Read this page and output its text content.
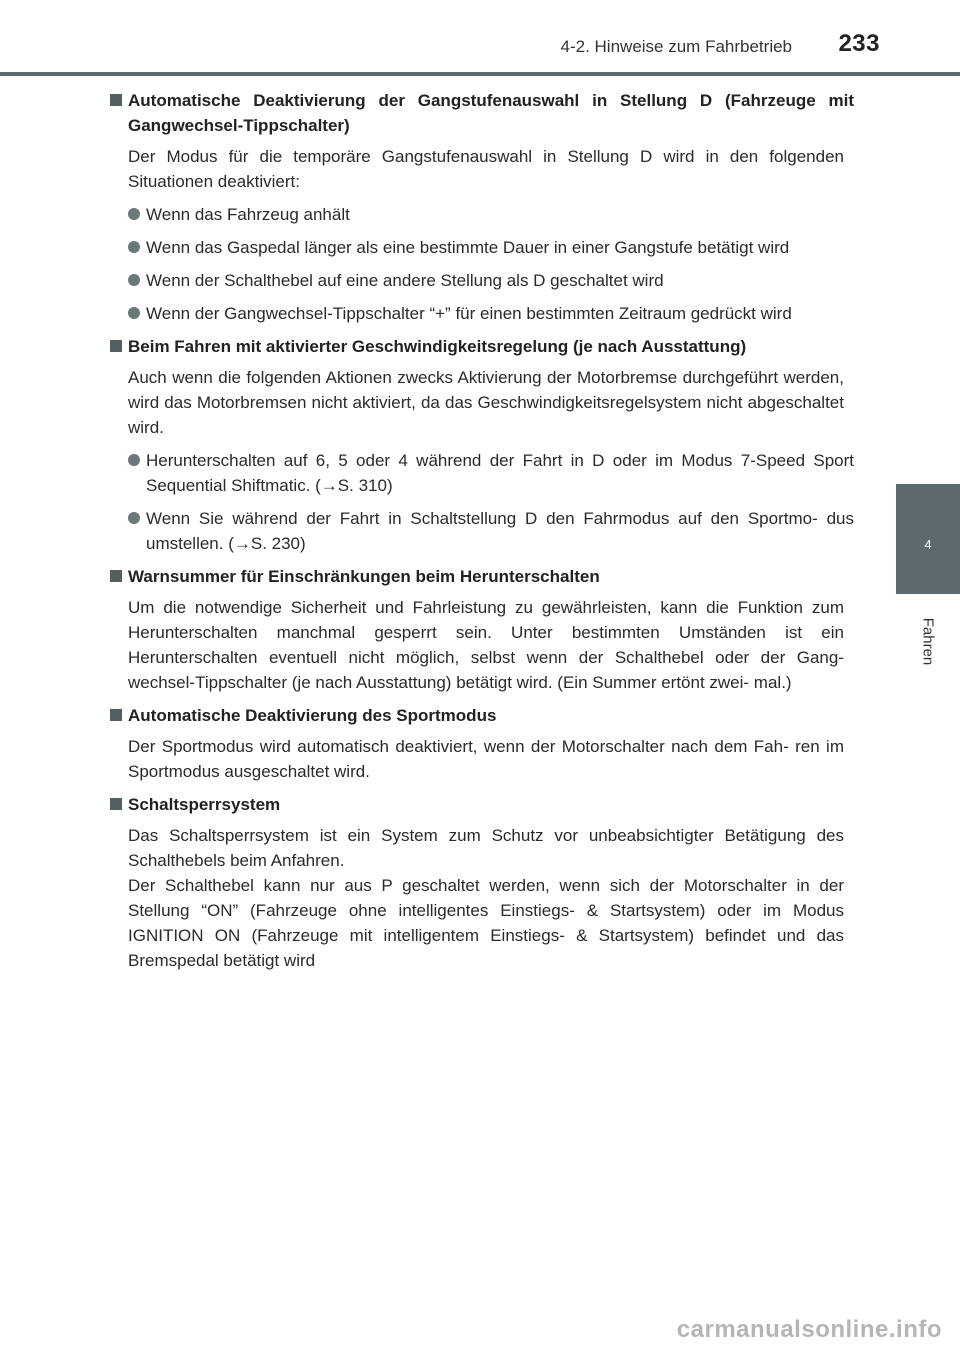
4-2. Hinweise zum Fahrbetrieb 233
4
Fahren
Automatische Deaktivierung der Gangstufenauswahl in Stellung D (Fahrzeuge mit Gangwechsel-Tippschalter)
Der Modus für die temporäre Gangstufenauswahl in Stellung D wird in den folgenden Situationen deaktiviert:
Wenn das Fahrzeug anhält
Wenn das Gaspedal länger als eine bestimmte Dauer in einer Gangstufe betätigt wird
Wenn der Schalthebel auf eine andere Stellung als D geschaltet wird
Wenn der Gangwechsel-Tippschalter “+” für einen bestimmten Zeitraum gedrückt wird
Beim Fahren mit aktivierter Geschwindigkeitsregelung (je nach Ausstattung)
Auch wenn die folgenden Aktionen zwecks Aktivierung der Motorbremse durchgeführt werden, wird das Motorbremsen nicht aktiviert, da das Geschwindigkeitsregelsystem nicht abgeschaltet wird.
Herunterschalten auf 6, 5 oder 4 während der Fahrt in D oder im Modus 7-Speed Sport Sequential Shiftmatic. (→S. 310)
Wenn Sie während der Fahrt in Schaltstellung D den Fahrmodus auf den Sportmo- dus umstellen. (→S. 230)
Warnsummer für Einschränkungen beim Herunterschalten
Um die notwendige Sicherheit und Fahrleistung zu gewährleisten, kann die Funktion zum Herunterschalten manchmal gesperrt sein. Unter bestimmten Umständen ist ein Herunterschalten eventuell nicht möglich, selbst wenn der Schalthebel oder der Gang- wechsel-Tippschalter (je nach Ausstattung) betätigt wird. (Ein Summer ertönt zwei- mal.)
Automatische Deaktivierung des Sportmodus
Der Sportmodus wird automatisch deaktiviert, wenn der Motorschalter nach dem Fah- ren im Sportmodus ausgeschaltet wird.
Schaltsperrsystem
Das Schaltsperrsystem ist ein System zum Schutz vor unbeabsichtigter Betätigung des Schalthebels beim Anfahren.
Der Schalthebel kann nur aus P geschaltet werden, wenn sich der Motorschalter in der Stellung “ON” (Fahrzeuge ohne intelligentes Einstiegs- & Startsystem) oder im Modus IGNITION ON (Fahrzeuge mit intelligentem Einstiegs- & Startsystem) befindet und das Bremspedal betätigt wird
carmanualsonline.info
